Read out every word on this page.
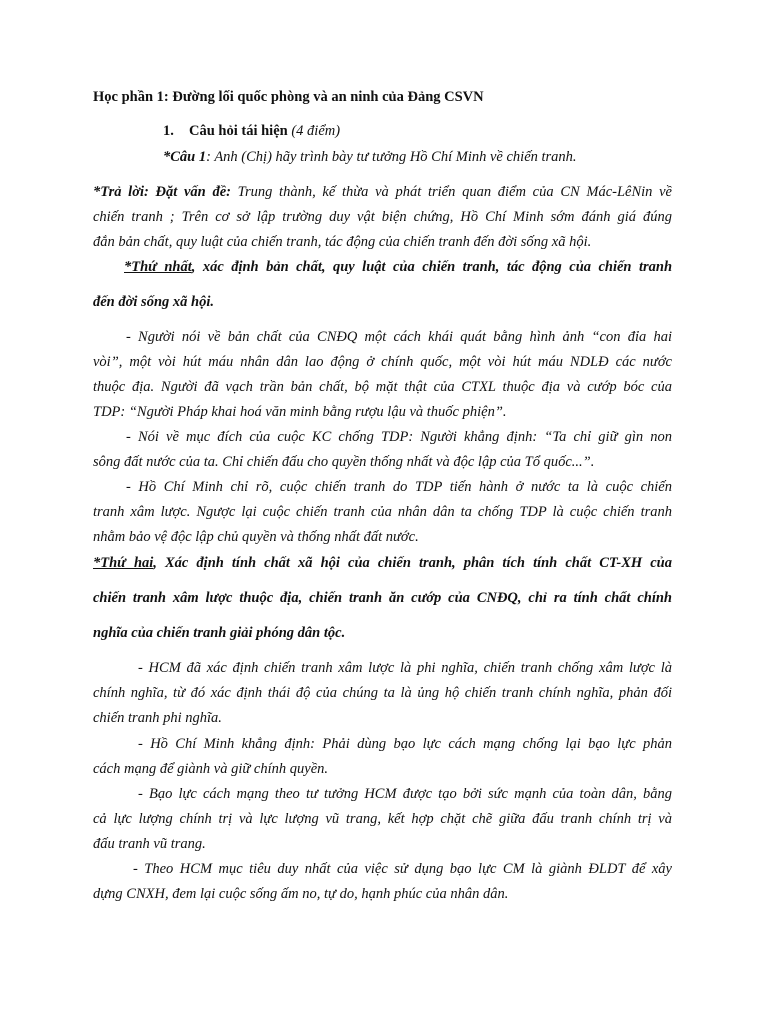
Học phần 1: Đường lối quốc phòng và an ninh của Đảng CSVN
1. Câu hỏi tái hiện (4 điểm)
*Câu 1: Anh (Chị) hãy trình bày tư tưởng Hồ Chí Minh về chiến tranh.
*Trả lời: Đặt vấn đề: Trung thành, kế thừa và phát triển quan điểm của CN Mác-LêNin về
chiến tranh ; Trên cơ sở lập trường duy vật biện chứng, Hồ Chí Minh sớm đánh giá đúng
đắn bản chất, quy luật của chiến tranh, tác động của chiến tranh đến đời sống xã hội.
*Thứ nhất, xác định bản chất, quy luật của chiến tranh, tác động của chiến tranh
đến đời sống xã hội.
- Người nói về bản chất của CNĐQ một cách khái quát bằng hình ảnh “con đỉa hai
vòi”, một vòi hút máu nhân dân lao động ở chính quốc, một vòi hút máu NDLĐ các nước
thuộc địa. Người đã vạch trần bản chất, bộ mặt thật của CTXL thuộc địa và cướp bóc của
TDP: “Người Pháp khai hoá văn minh bằng rượu lậu và thuốc phiện”.
- Nói về mục đích của cuộc KC chống TDP: Người khẳng định: “Ta chỉ giữ gìn non
sông đất nước của ta. Chỉ chiến đấu cho quyền thống nhất và độc lập của Tổ quốc...”.
- Hồ Chí Minh chỉ rõ, cuộc chiến tranh do TDP tiến hành ở nước ta là cuộc chiến
tranh xâm lược. Ngược lại cuộc chiến tranh của nhân dân ta chống TDP là cuộc chiến tranh
nhằm bảo vệ độc lập chủ quyền và thống nhất đất nước.
*Thứ hai, Xác định tính chất xã hội của chiến tranh, phân tích tính chất CT-XH của
chiến tranh xâm lược thuộc địa, chiến tranh ăn cướp của CNĐQ, chỉ ra tính chất chính
nghĩa của chiến tranh giải phóng dân tộc.
- HCM đã xác định chiến tranh xâm lược là phi nghĩa, chiến tranh chống xâm lược là
chính nghĩa, từ đó xác định thái độ của chúng ta là ủng hộ chiến tranh chính nghĩa, phản đối
chiến tranh phi nghĩa.
- Hồ Chí Minh khẳng định: Phải dùng bạo lực cách mạng chống lại bạo lực phản
cách mạng để giành và giữ chính quyền.
- Bạo lực cách mạng theo tư tưởng HCM được tạo bởi sức mạnh của toàn dân, bằng
cả lực lượng chính trị và lực lượng vũ trang, kết hợp chặt chẽ giữa đấu tranh chính trị và
đấu tranh vũ trang.
- Theo HCM mục tiêu duy nhất của việc sử dụng bạo lực CM là giành ĐLDT để xây
dựng CNXH, đem lại cuộc sống ấm no, tự do, hạnh phúc của nhân dân.
